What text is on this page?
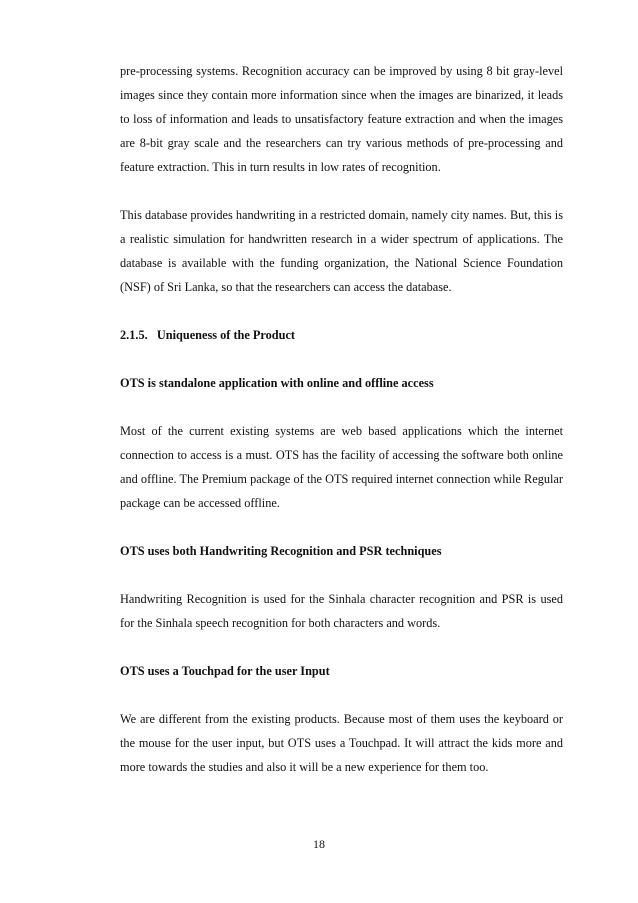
pre-processing systems. Recognition accuracy can be improved by using 8 bit gray-level images since they contain more information since when the images are binarized, it leads to loss of information and leads to unsatisfactory feature extraction and when the images are 8-bit gray scale and the researchers can try various methods of pre-processing and feature extraction. This in turn results in low rates of recognition.

This database provides handwriting in a restricted domain, namely city names. But, this is a realistic simulation for handwritten research in a wider spectrum of applications. The database is available with the funding organization, the National Science Foundation (NSF) of Sri Lanka, so that the researchers can access the database.

2.1.5. Uniqueness of the Product
OTS is standalone application with online and offline access

Most of the current existing systems are web based applications which the internet connection to access is a must. OTS has the facility of accessing the software both online and offline. The Premium package of the OTS required internet connection while Regular package can be accessed offline.

OTS uses both Handwriting Recognition and PSR techniques

Handwriting Recognition is used for the Sinhala character recognition and PSR is used for the Sinhala speech recognition for both characters and words.

OTS uses a Touchpad for the user Input

We are different from the existing products. Because most of them uses the keyboard or the mouse for the user input, but OTS uses a Touchpad. It will attract the kids more and more towards the studies and also it will be a new experience for them too.

18
